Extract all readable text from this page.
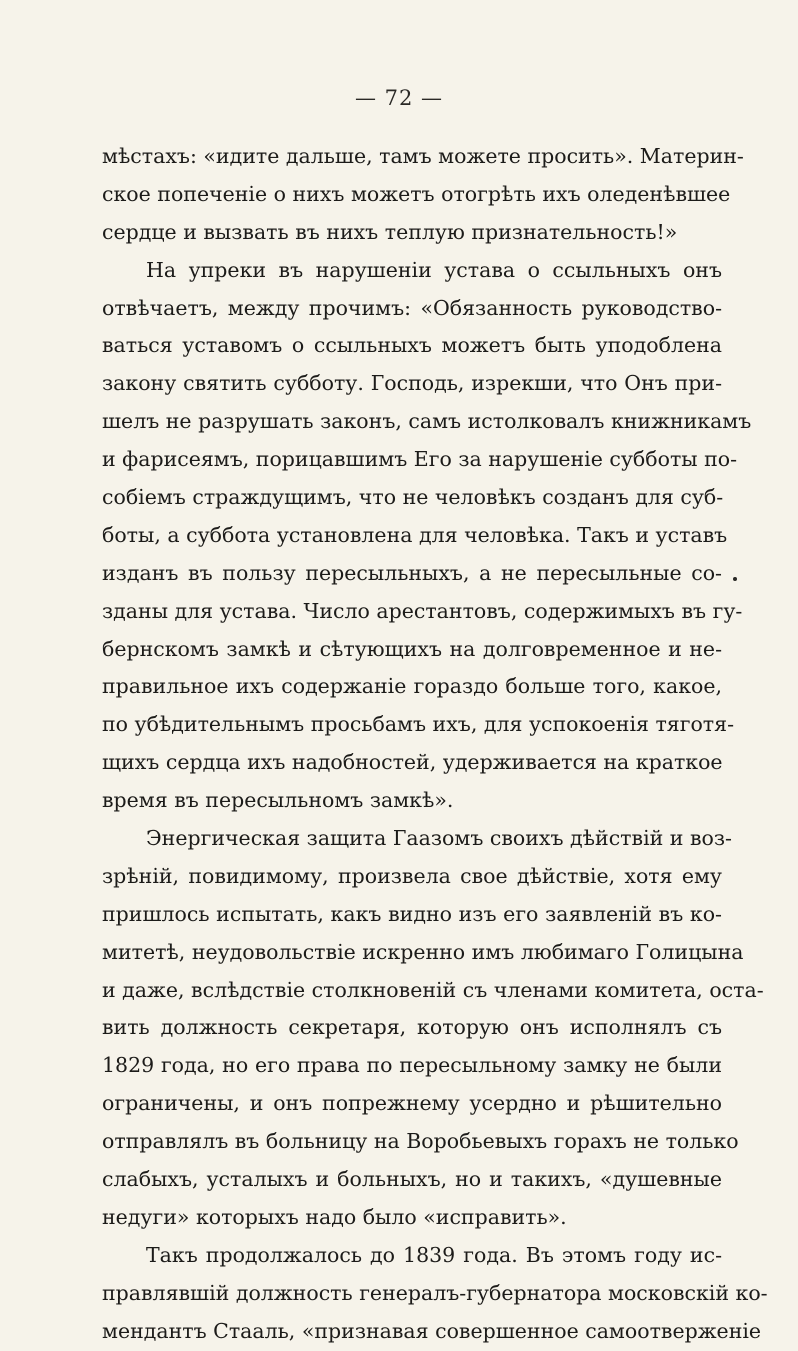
— 72 —
мѣстахъ: «идите дальше, тамъ можете просить». Материн-
ское попеченіе о нихъ можетъ отогрѣть ихъ оледенѣвшее
сердце и вызвать въ нихъ теплую признательность!»
На упреки въ нарушеніи устава о ссыльныхъ онъ
отвѣчаетъ, между прочимъ: «Обязанность руководство-
ваться уставомъ о ссыльныхъ можетъ быть уподоблена
закону святить субботу. Господь, изрекши, что Онъ при-
шелъ не разрушать законъ, самъ истолковалъ книжникамъ
и фарисеямъ, порицавшимъ Его за нарушеніе субботы по-
собіемъ страждущимъ, что не человѣкъ созданъ для суб-
боты, а суббота установлена для человѣка. Такъ и уставъ
изданъ въ пользу пересыльныхъ, а не пересыльные со-
зданы для устава. Число арестантовъ, содержимыхъ въ гу-
бернскомъ замкѣ и сѣтующихъ на долговременное и не-
правильное ихъ содержаніе гораздо больше того, какое,
по убѣдительнымъ просьбамъ ихъ, для успокоенія тяготя-
щихъ сердца ихъ надобностей, удерживается на краткое
время въ пересыльномъ замкѣ».
Энергическая защита Гаазомъ своихъ дѣйствій и воз-
зрѣній, повидимому, произвела свое дѣйствіе, хотя ему
пришлось испытать, какъ видно изъ его заявленій въ ко-
митетѣ, неудовольствіе искренно имъ любимаго Голицына
и даже, вслѣдствіе столкновеній съ членами комитета, оста-
вить должность секретаря, которую онъ исполнялъ съ
1829 года, но его права по пересыльному замку не были
ограничены, и онъ попрежнему усердно и рѣшительно
отправлялъ въ больницу на Воробьевыхъ горахъ не только
слабыхъ, усталыхъ и больныхъ, но и такихъ, «душевные
недуги» которыхъ надо было «исправить».
Такъ продолжалось до 1839 года. Въ этомъ году ис-
правлявшій должность генералъ-губернатора московскій ко-
мендантъ Стааль, «признавая совершенное самоотверженіе
